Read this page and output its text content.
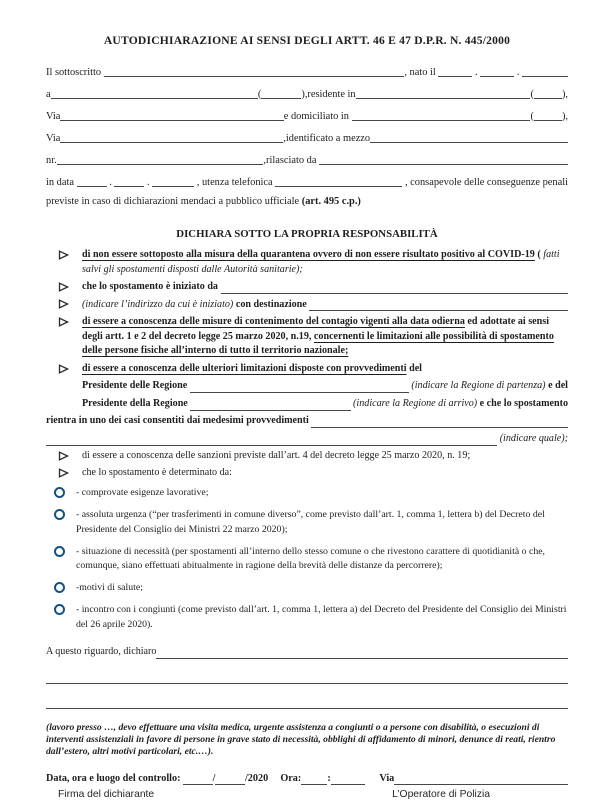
AUTODICHIARAZIONE AI SENSI DEGLI ARTT. 46 E 47 D.P.R. N. 445/2000
Il sottoscritto	, nato il	.	.
a	(	),residente in	(	),
Via	e domiciliato in	(	),
Via	,identificato a mezzo
nr.	,rilasciato da
in data	.	.	, utenza telefonica	, consapevole delle conseguenze penali
previste in caso di dichiarazioni mendaci a pubblico ufficiale (art. 495 c.p.)
DICHIARA SOTTO LA PROPRIA RESPONSABILITÀ
di non essere sottoposto alla misura della quarantena ovvero di non essere risultato positivo al COVID-19 ( fatti salvi gli spostamenti disposti dalle Autorità sanitarie);
che lo spostamento è iniziato da
(indicare l’indirizzo da cui è iniziato) con destinazione
di essere a conoscenza delle misure di contenimento del contagio vigenti alla data odierna ed adottate ai sensi degli artt. 1 e 2 del decreto legge 25 marzo 2020, n.19, concernenti le limitazioni alle possibilità di spostamento delle persone fisiche all’interno di tutto il territorio nazionale;
di essere a conoscenza delle ulteriori limitazioni disposte con provvedimenti del
Presidente delle Regione	(indicare la Regione di partenza) e del
Presidente della Regione	(indicare la Regione di arrivo) e che lo spostamento
rientra in uno dei casi consentiti dai medesimi provvedimenti
(indicare quale);
di essere a conoscenza delle sanzioni previste dall’art. 4 del decreto legge 25 marzo 2020, n. 19;
che lo spostamento è determinato da:
- comprovate esigenze lavorative;
- assoluta urgenza (“per trasferimenti in comune diverso”, come previsto dall’art. 1, comma 1, lettera b) del Decreto del Presidente del Consiglio dei Ministri 22 marzo 2020);
- situazione di necessità (per spostamenti all’interno dello stesso comune o che rivestono carattere di quotidianità o che, comunque, siano effettuati abitualmente in ragione della brevità delle distanze da percorrere);
-motivi di salute;
- incontro con i congiunti (come previsto dall’art. 1, comma 1, lettera a) del Decreto del Presidente del Consiglio dei Ministri del 26 aprile 2020).
A questo riguardo, dichiaro
(lavoro presso …, devo effettuare una visita medica, urgente assistenza a congiunti o a persone con disabilità, o esecuzioni di interventi assistenziali in favore di persone in grave stato di necessità, obblighi di affidamento di minori, denunce di reati, rientro dall’estero, altri motivi particolari, etc.…).
Data, ora e luogo del controllo:	/	/2020 Ora:	:	Via
Firma del dichiarante	L’Operatore di Polizia
